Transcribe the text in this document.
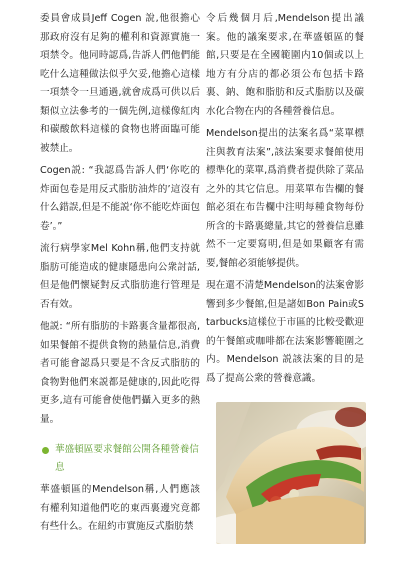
委員會成員Jeff Cogen 說,他很擔心那政府沒有足夠的權利和資源實施一項禁令。他同時認爲,告訴人們他們能吃什么這種做法似乎欠妥,他擔心這樣一項禁令一旦通過,就會成爲可供以后類似立法參考的一個先例,這樣像紅肉和碳酸飲料這樣的食物也將面臨可能被禁止。

Cogen説: “我認爲告訴人們‘你吃的炸面包卷是用反式脂肪油炸的’這沒有什么錯誤,但是不能説‘你不能吃炸面包卷’。”

流行病學家Mel Kohn稱,他們支持就脂肪可能造成的健康隱患向公衆討話,但是他們懷疑對反式脂肪進行管理是否有效。

他説: “所有脂肪的卡路裏含量都很高,如果餐館不提供食物的熱量信息,消費者可能會認爲只要是不含反式脂肪的食物對他們來説都是健康的,因此吃得更多,這有可能會使他們攝入更多的熱量。

華盛頓區要求餐館公開各種營養信息

華盛頓區的Mendelson稱,人們應該有權利知道他們吃的東西裏邊究竟都有些什么。在紐約市實施反式脂肪禁

令后幾個月后,Mendelson提出議案。他的議案要求,在華盛頓區的餐館,只要是在全國範圍内10個或以上地方有分店的都必須公布包括卡路裏、鈉、飽和脂肪和反式脂肪以及碳水化合物在内的各種營養信息。

Mendelson提出的法案名爲“菜單標注與教育法案”,該法案要求餐館使用標準化的菜單,爲消費者提供除了菜品之外的其它信息。用菜單布告欄的餐館必須在布告欄中注明每種食物每份所含的卡路裏總量,其它的營養信息雖然不一定要寫明,但是如果顧客有需要,餐館必須能够提供。

現在還不清楚Mendelson的法案會影響到多少餐館,但是諸如Bon Pain或Starbucks這樣位于市區的比較受歡迎的午餐館或咖啡都在法案影響範圍之内。Mendelson 説該法案的目的是爲了提高公衆的營養意識。
